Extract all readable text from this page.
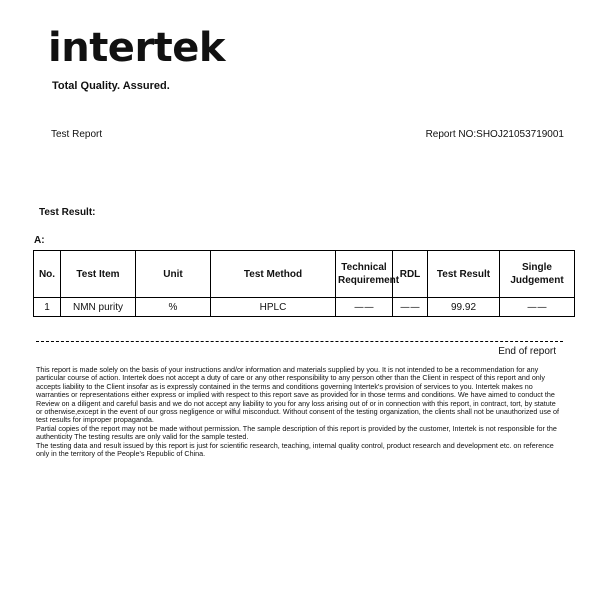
intertek
Total Quality. Assured.
Test Report	Report NO:SHOJ21053719001
Test Result:
A:
No.	Test Item	Unit	Test Method	Technical Requirement	RDL	Test Result	Single Judgement
1	NMN purity	%	HPLC	——	——	99.92	——
End of report

This report is made solely on the basis of your instructions and/or information and materials supplied by you. It is not intended to be a recommendation for any particular course of action. Intertek does not accept a duty of care or any other responsibility to any person other than the Client in respect of this report and only accepts liability to the Client insofar as is expressly contained in the terms and conditions governing Intertek's provision of services to you. Intertek makes no warranties or representations either express or implied with respect to this report save as provided for in those terms and conditions. We have aimed to conduct the Review on a diligent and careful basis and we do not accept any liability to you for any loss arising out of or in connection with this report, in contract, tort, by statute or otherwise,except in the event of our gross negligence or wilful misconduct. Without consent of the testing organization, the clients shall not be unauthorized use of test results for improper propaganda.

Partial copies of the report may not be made without permission. The sample description of this report is provided by the customer, Intertek is not responsible for the authenticity The testing results are only valid for the sample tested.

The testing data and result issued by this report is just for scientific research, teaching, internal quality control, product research and development etc. on reference only in the territory of the People's Republic of China.
